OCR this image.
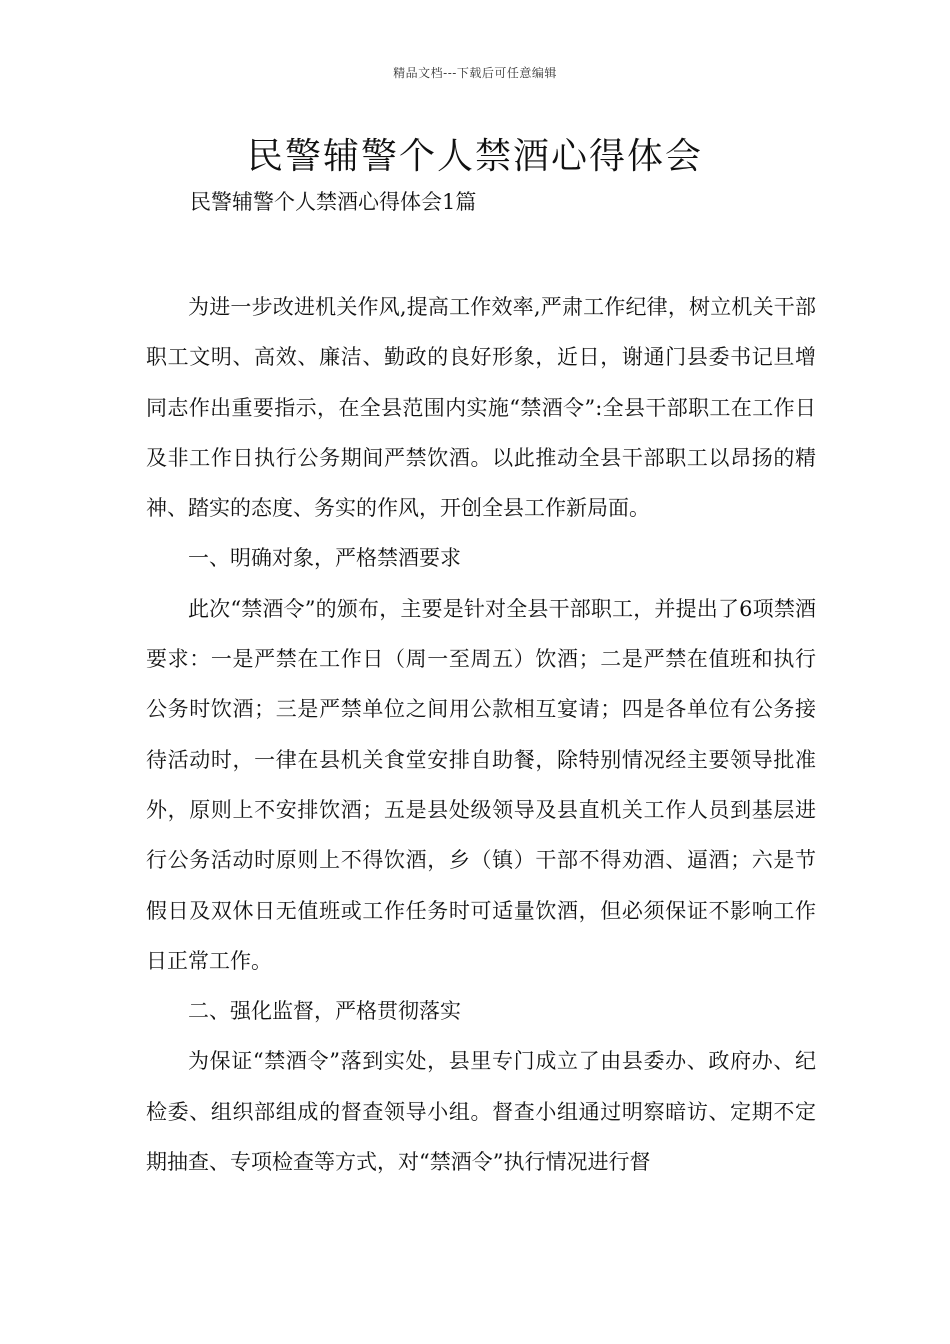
精品文档---下载后可任意编辑
民警辅警个人禁酒心得体会
民警辅警个人禁酒心得体会1篇

为进一步改进机关作风,提高工作效率,严肃工作纪律，树立机关干部职工文明、高效、廉洁、勤政的良好形象，近日，谢通门县委书记旦增同志作出重要指示，在全县范围内实施“禁酒令”:全县干部职工在工作日及非工作日执行公务期间严禁饮酒。以此推动全县干部职工以昂扬的精神、踏实的态度、务实的作风，开创全县工作新局面。

一、明确对象，严格禁酒要求

此次“禁酒令”的颁布，主要是针对全县干部职工，并提出了6项禁酒要求：一是严禁在工作日（周一至周五）饮酒；二是严禁在值班和执行公务时饮酒；三是严禁单位之间用公款相互宴请；四是各单位有公务接待活动时，一律在县机关食堂安排自助餐，除特别情况经主要领导批准外，原则上不安排饮酒；五是县处级领导及县直机关工作人员到基层进行公务活动时原则上不得饮酒，乡（镇）干部不得劝酒、逼酒；六是节假日及双休日无值班或工作任务时可适量饮酒，但必须保证不影响工作日正常工作。

二、强化监督，严格贯彻落实

为保证“禁酒令”落到实处，县里专门成立了由县委办、政府办、纪检委、组织部组成的督查领导小组。督查小组通过明察暗访、定期不定期抽查、专项检查等方式，对“禁酒令”执行情况进行督
